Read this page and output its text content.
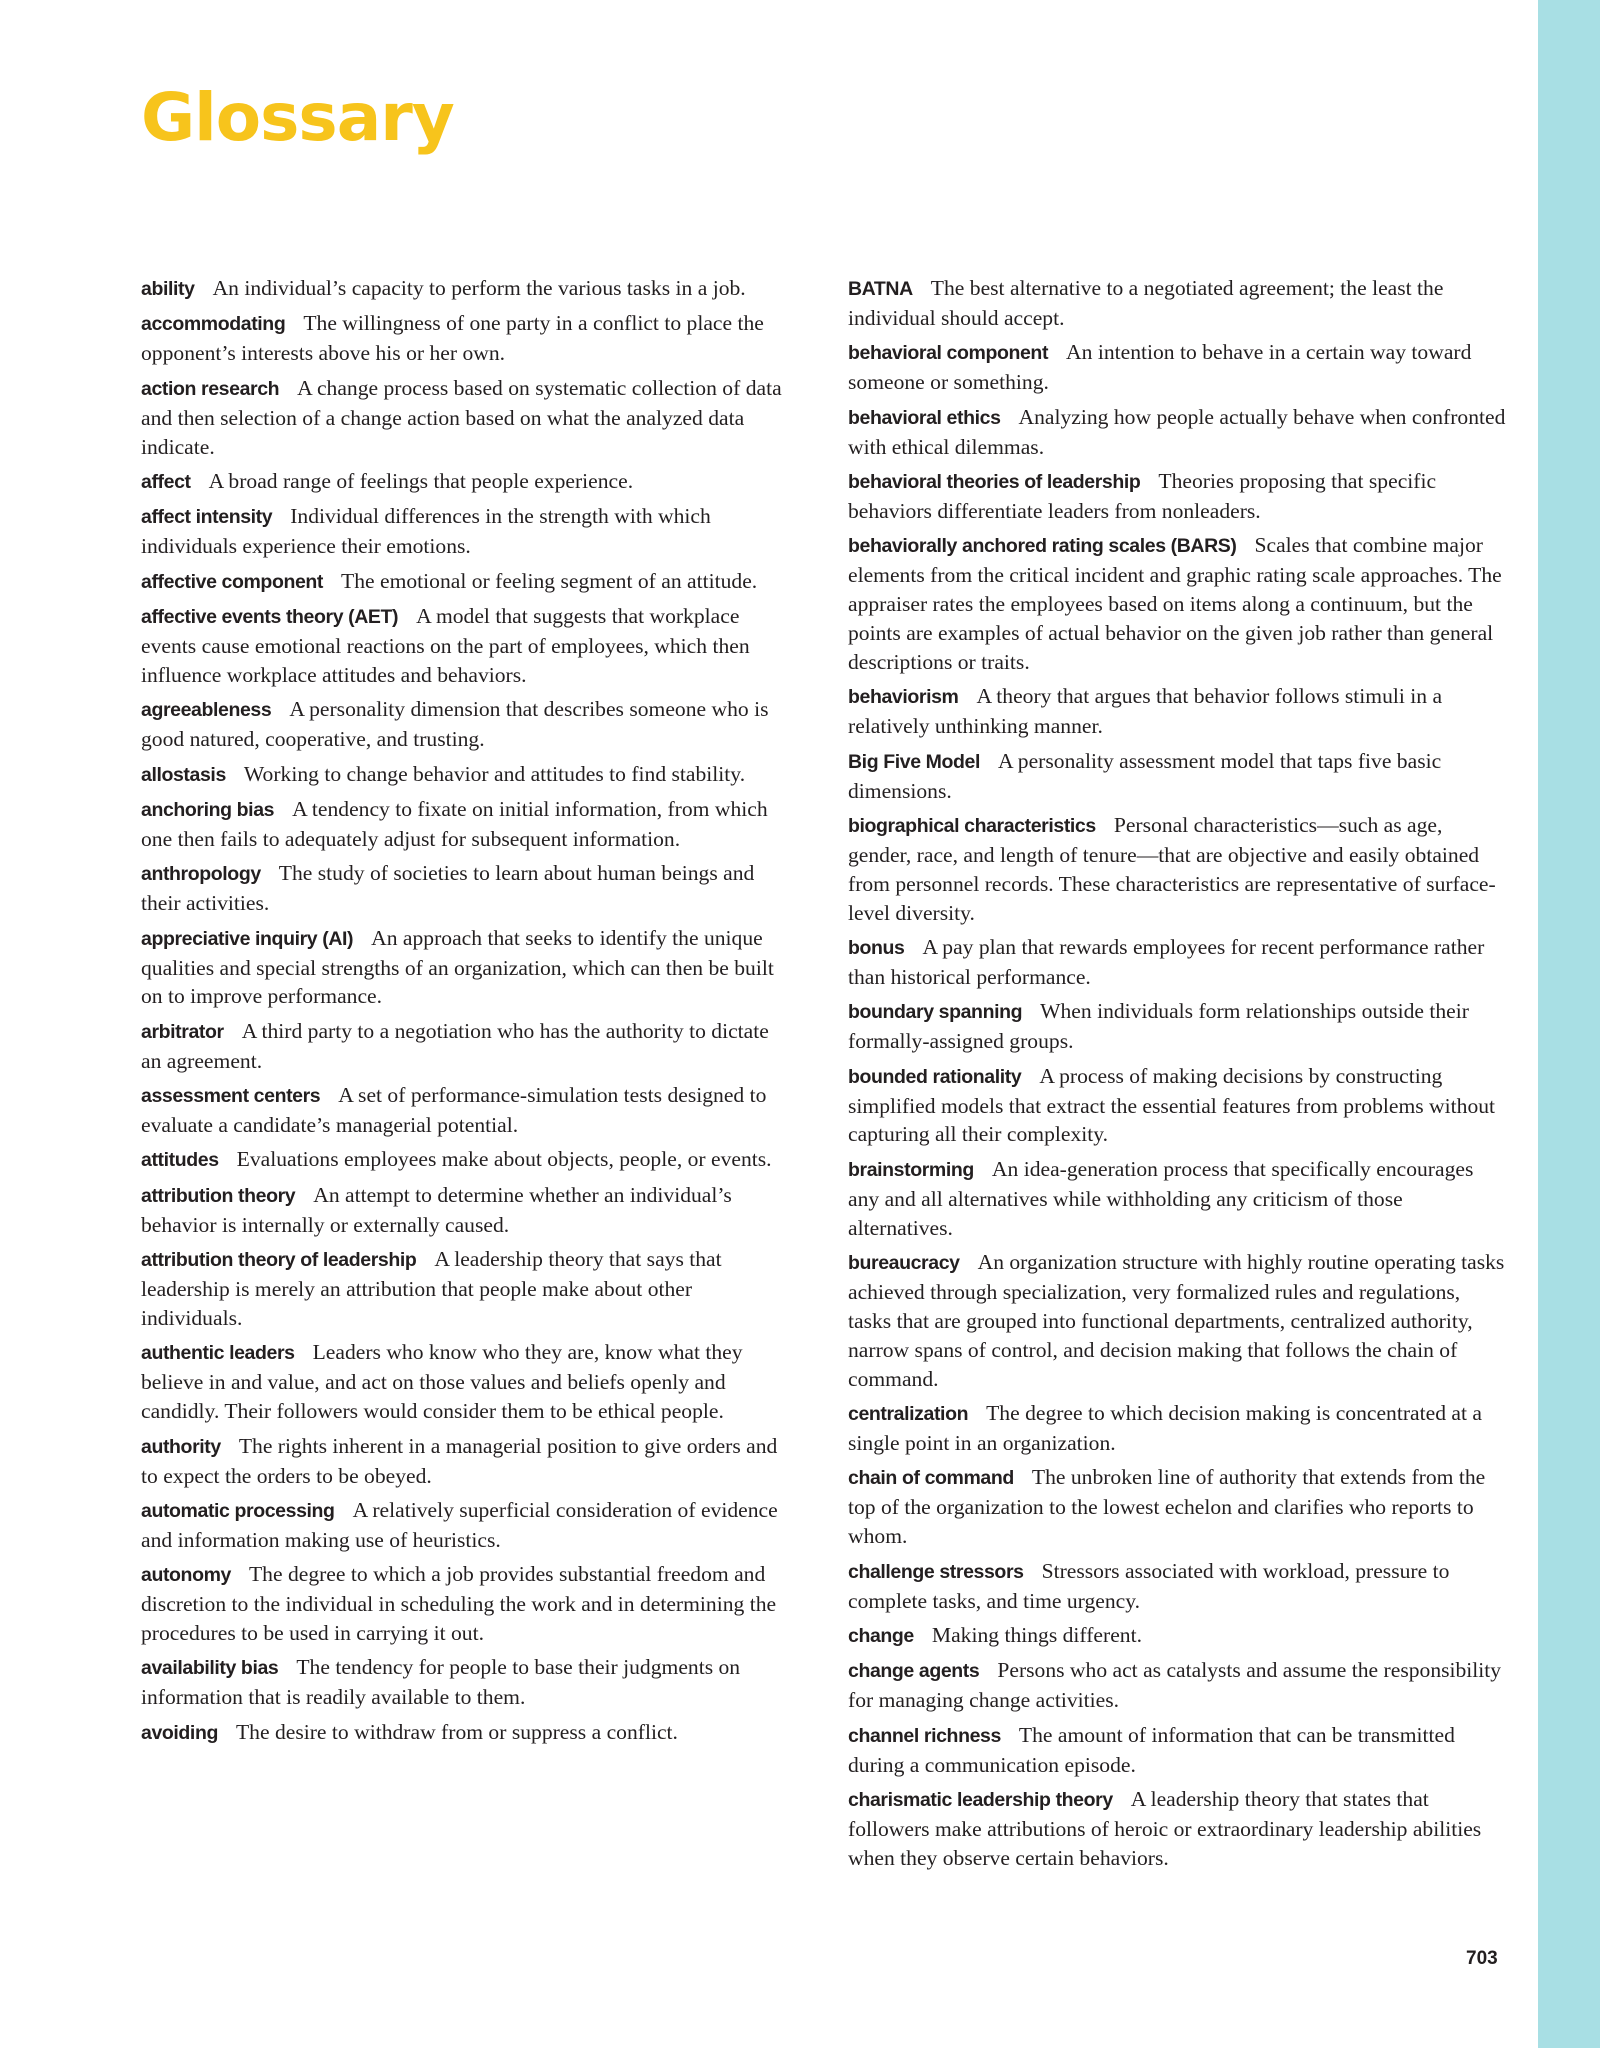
Glossary

ability An individual’s capacity to perform the various tasks in a job.

accommodating The willingness of one party in a conflict to place the opponent’s interests above his or her own.

action research A change process based on systematic collection of data and then selection of a change action based on what the analyzed data indicate.

affect A broad range of feelings that people experience.

affect intensity Individual differences in the strength with which individuals experience their emotions.

affective component The emotional or feeling segment of an attitude.

affective events theory (AET) A model that suggests that workplace events cause emotional reactions on the part of employees, which then influence workplace attitudes and behaviors.

agreeableness A personality dimension that describes someone who is good natured, cooperative, and trusting.

allostasis Working to change behavior and attitudes to find stability.

anchoring bias A tendency to fixate on initial information, from which one then fails to adequately adjust for subsequent information.

anthropology The study of societies to learn about human beings and their activities.

appreciative inquiry (AI) An approach that seeks to identify the unique qualities and special strengths of an organization, which can then be built on to improve performance.

arbitrator A third party to a negotiation who has the authority to dictate an agreement.

assessment centers A set of performance-simulation tests designed to evaluate a candidate’s managerial potential.

attitudes Evaluations employees make about objects, people, or events.

attribution theory An attempt to determine whether an individual’s behavior is internally or externally caused.

attribution theory of leadership A leadership theory that says that leadership is merely an attribution that people make about other individuals.

authentic leaders Leaders who know who they are, know what they believe in and value, and act on those values and beliefs openly and candidly. Their followers would consider them to be ethical people.

authority The rights inherent in a managerial position to give orders and to expect the orders to be obeyed.

automatic processing A relatively superficial consideration of evidence and information making use of heuristics.

autonomy The degree to which a job provides substantial freedom and discretion to the individual in scheduling the work and in determining the procedures to be used in carrying it out.

availability bias The tendency for people to base their judgments on information that is readily available to them.

avoiding The desire to withdraw from or suppress a conflict.

BATNA The best alternative to a negotiated agreement; the least the individual should accept.

behavioral component An intention to behave in a certain way toward someone or something.

behavioral ethics Analyzing how people actually behave when confronted with ethical dilemmas.

behavioral theories of leadership Theories proposing that specific behaviors differentiate leaders from nonleaders.

behaviorally anchored rating scales (BARS) Scales that combine major elements from the critical incident and graphic rating scale approaches. The appraiser rates the employees based on items along a continuum, but the points are examples of actual behavior on the given job rather than general descriptions or traits.

behaviorism A theory that argues that behavior follows stimuli in a relatively unthinking manner.

Big Five Model A personality assessment model that taps five basic dimensions.

biographical characteristics Personal characteristics—such as age, gender, race, and length of tenure—that are objective and easily obtained from personnel records. These characteristics are representative of surface-level diversity.

bonus A pay plan that rewards employees for recent performance rather than historical performance.

boundary spanning When individuals form relationships outside their formally-assigned groups.

bounded rationality A process of making decisions by constructing simplified models that extract the essential features from problems without capturing all their complexity.

brainstorming An idea-generation process that specifically encourages any and all alternatives while withholding any criticism of those alternatives.

bureaucracy An organization structure with highly routine operating tasks achieved through specialization, very formalized rules and regulations, tasks that are grouped into functional departments, centralized authority, narrow spans of control, and decision making that follows the chain of command.

centralization The degree to which decision making is concentrated at a single point in an organization.

chain of command The unbroken line of authority that extends from the top of the organization to the lowest echelon and clarifies who reports to whom.

challenge stressors Stressors associated with workload, pressure to complete tasks, and time urgency.

change Making things different.

change agents Persons who act as catalysts and assume the responsibility for managing change activities.

channel richness The amount of information that can be transmitted during a communication episode.

charismatic leadership theory A leadership theory that states that followers make attributions of heroic or extraordinary leadership abilities when they observe certain behaviors.

703
